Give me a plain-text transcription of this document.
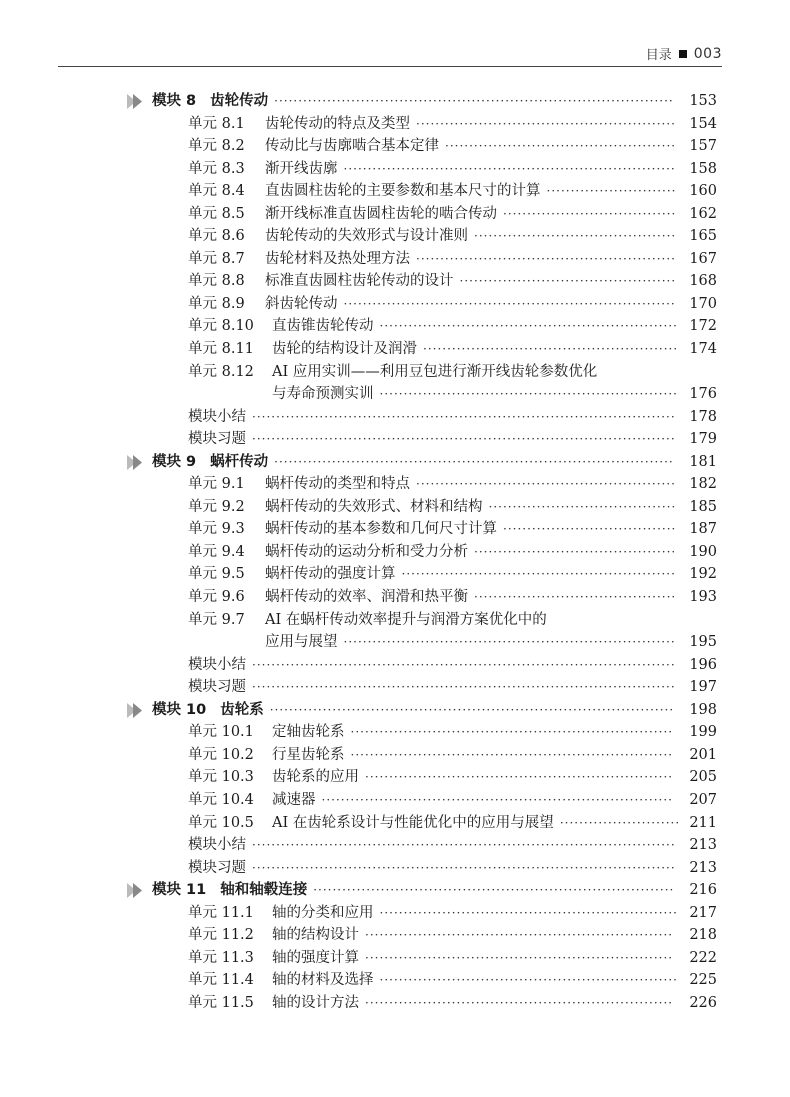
目录 003
模块 8 齿轮传动 ···················································································	153
单元 8.1 齿轮传动的特点及类型 ······················································ 154
单元 8.2 传动比与齿廓啮合基本定律 ················································ 157
单元 8.3 渐开线齿廓 ····································································· 158
单元 8.4 直齿圆柱齿轮的主要参数和基本尺寸的计算 ··························· 160
单元 8.5 渐开线标准直齿圆柱齿轮的啮合传动 ···································· 162
单元 8.6 齿轮传动的失效形式与设计准则 ·········································· 165
单元 8.7 齿轮材料及热处理方法 ······················································ 167
单元 8.8 标准直齿圆柱齿轮传动的设计 ············································· 168
单元 8.9 斜齿轮传动 ····································································· 170
单元 8.10 直齿锥齿轮传动 ······························································ 172
单元 8.11 齿轮的结构设计及润滑 ····················································· 174
单元 8.12 AI 应用实训——利用豆包进行渐开线齿轮参数优化
与寿命预测实训 ······························································ 176
模块小结 ························································································ 178
模块习题 ························································································ 179
模块 9 蜗杆传动 ···················································································	181
单元 9.1 蜗杆传动的类型和特点 ······················································ 182
单元 9.2 蜗杆传动的失效形式、材料和结构 ······································· 185
单元 9.3 蜗杆传动的基本参数和几何尺寸计算 ···································· 187
单元 9.4 蜗杆传动的运动分析和受力分析 ·········································· 190
单元 9.5 蜗杆传动的强度计算 ························································· 192
单元 9.6 蜗杆传动的效率、润滑和热平衡 ·········································· 193
单元 9.7 AI 在蜗杆传动效率提升与润滑方案优化中的
应用与展望 ····································································· 195
模块小结 ························································································ 196
模块习题 ························································································ 197
模块 10 齿轮系 ····················································································	198
单元 10.1 定轴齿轮系 ···································································	199
单元 10.2 行星齿轮系 ···································································	201
单元 10.3 齿轮系的应用 ································································	205
单元 10.4 减速器 ·········································································	207
单元 10.5 AI 在齿轮系设计与性能优化中的应用与展望 ························· 211
模块小结 ························································································ 213
模块习题 ························································································ 213
模块 11 轴和轴毂连接 ···········································································	216
单元 11.1 轴的分类和应用 ······························································ 217
单元 11.2 轴的结构设计 ································································	218
单元 11.3 轴的强度计算 ································································	222
单元 11.4 轴的材料及选择 ······························································ 225
单元 11.5 轴的设计方法 ································································	226
